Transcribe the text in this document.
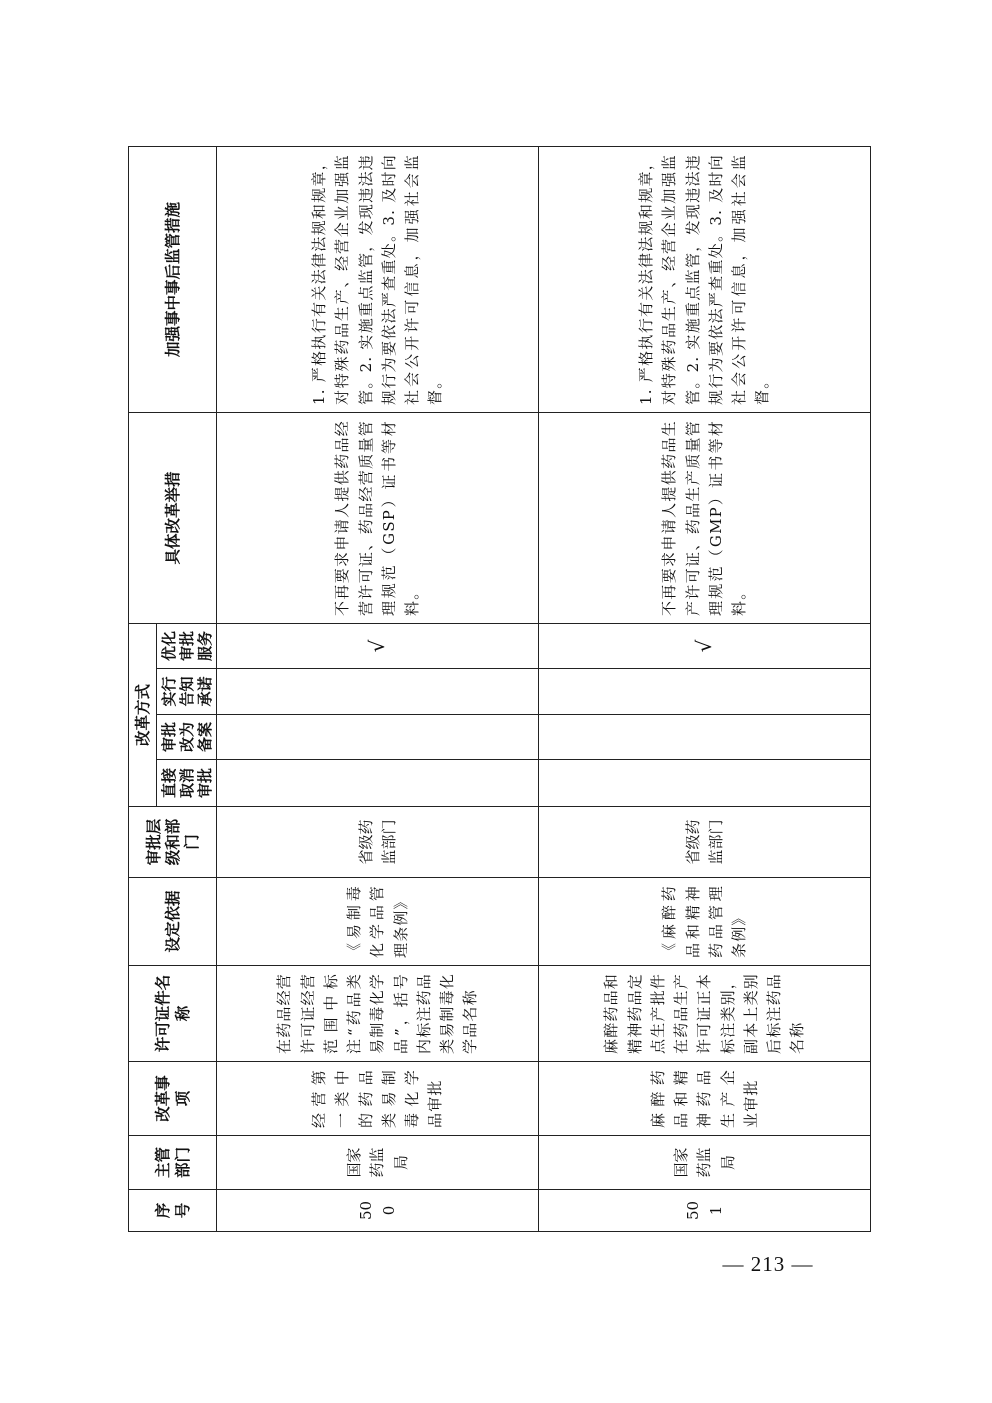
序号	主管部门	改革事项	许可证件名称	设定依据	审批层级和部门	改革方式				具体改革举措	加强事中事后监管措施
						直接取消审批	审批改为备案	实行告知承诺	优化审批服务		
500	国家药监局	经营第一类中的药品类易制毒化学品审批	在药品经营许可证经营范围中标注“药品类易制毒化学品”，括号内标注药品类易制毒化学品名称	《易制毒化学品管理条例》	省级药监部门				√	不再要求申请人提供药品经营许可证、药品经营质量管理规范（GSP）证书等材料。	1. 严格执行有关法律法规和规章，对特殊药品生产、经营企业加强监管。2. 实施重点监管，发现违法违规行为要依法严查重处。3. 及时向社会公开许可信息，加强社会监督。
501	国家药监局	麻醉药品和精神药品生产企业审批	麻醉药品和精神药品定点生产批件在药品生产许可证正本标注类别，副本上类别后标注药品名称	《麻醉药品和精神药品管理条例》	省级药监部门				√	不再要求申请人提供药品生产许可证、药品生产质量管理规范（GMP）证书等材料。	1. 严格执行有关法律法规和规章，对特殊药品生产、经营企业加强监管。2. 实施重点监管，发现违法违规行为要依法严查重处。3. 及时向社会公开许可信息，加强社会监督。
— 213 —
